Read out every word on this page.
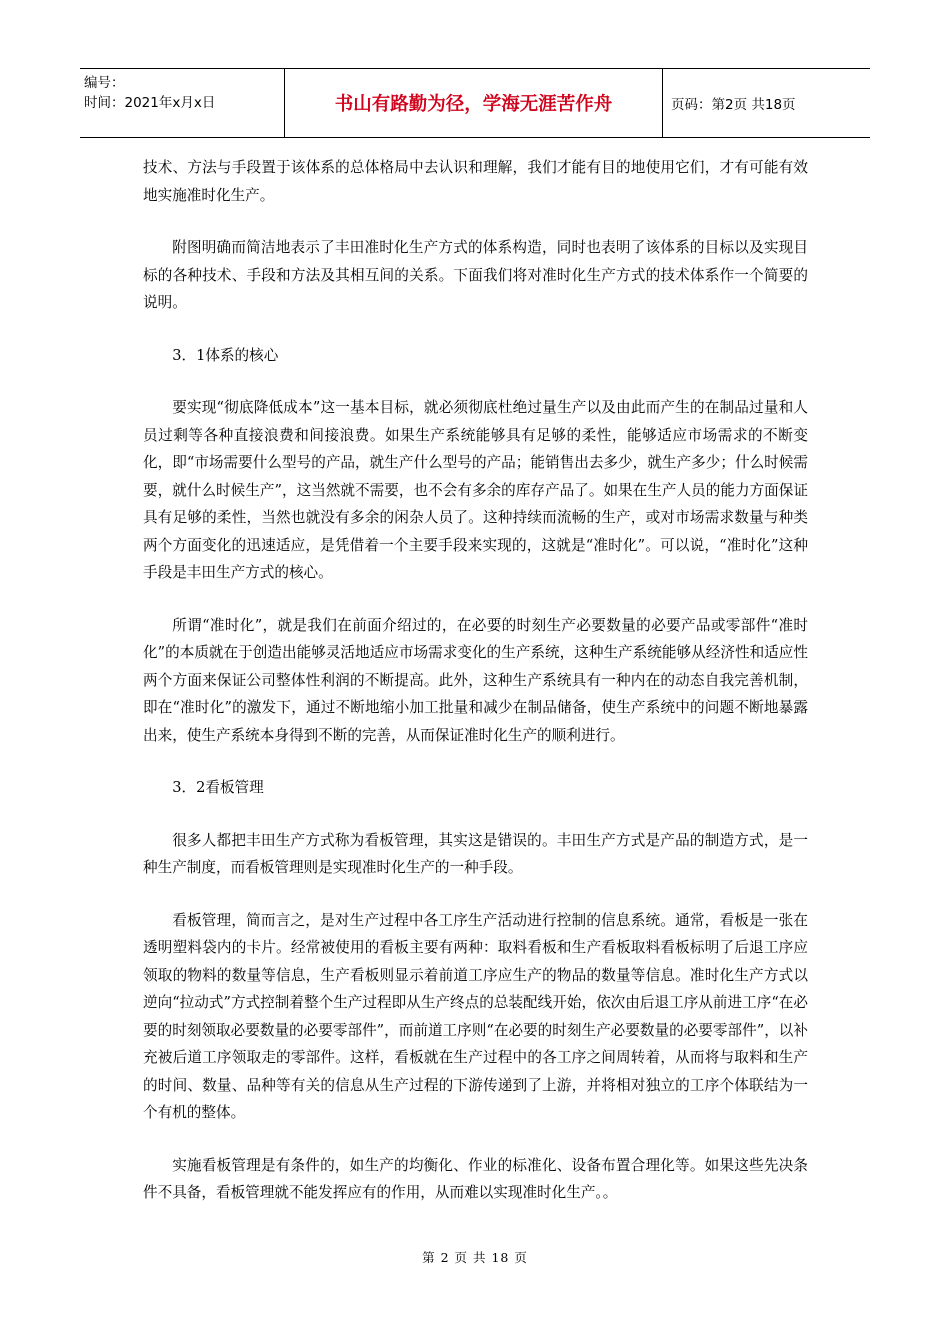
编号：
时间：2021年x月x日	书山有路勤为径，学海无涯苦作舟	页码：第2页 共18页

技术、方法与手段置于该体系的总体格局中去认识和理解，我们才能有目的地使用它们，才有可能有效地实施准时化生产。

附图明确而简洁地表示了丰田准时化生产方式的体系构造，同时也表明了该体系的目标以及实现目标的各种技术、手段和方法及其相互间的关系。下面我们将对准时化生产方式的技术体系作一个简要的说明。

3．1体系的核心

要实现“彻底降低成本”这一基本目标，就必须彻底杜绝过量生产以及由此而产生的在制品过量和人员过剩等各种直接浪费和间接浪费。如果生产系统能够具有足够的柔性，能够适应市场需求的不断变化，即“市场需要什么型号的产品，就生产什么型号的产品；能销售出去多少，就生产多少；什么时候需要，就什么时候生产”，这当然就不需要，也不会有多余的库存产品了。如果在生产人员的能力方面保证具有足够的柔性，当然也就没有多余的闲杂人员了。这种持续而流畅的生产，或对市场需求数量与种类两个方面变化的迅速适应，是凭借着一个主要手段来实现的，这就是“准时化”。可以说，“准时化”这种手段是丰田生产方式的核心。

所谓“准时化”，就是我们在前面介绍过的，在必要的时刻生产必要数量的必要产品或零部件“准时化”的本质就在于创造出能够灵活地适应市场需求变化的生产系统，这种生产系统能够从经济性和适应性两个方面来保证公司整体性利润的不断提高。此外，这种生产系统具有一种内在的动态自我完善机制，即在“准时化”的激发下，通过不断地缩小加工批量和减少在制品储备，使生产系统中的问题不断地暴露出来，使生产系统本身得到不断的完善，从而保证准时化生产的顺利进行。

3．2看板管理

很多人都把丰田生产方式称为看板管理，其实这是错误的。丰田生产方式是产品的制造方式，是一种生产制度，而看板管理则是实现准时化生产的一种手段。

看板管理，简而言之，是对生产过程中各工序生产活动进行控制的信息系统。通常，看板是一张在透明塑料袋内的卡片。经常被使用的看板主要有两种：取料看板和生产看板取料看板标明了后退工序应领取的物料的数量等信息，生产看板则显示着前道工序应生产的物品的数量等信息。准时化生产方式以逆向“拉动式”方式控制着整个生产过程即从生产终点的总装配线开始，依次由后退工序从前进工序“在必要的时刻领取必要数量的必要零部件”，而前道工序则“在必要的时刻生产必要数量的必要零部件”，以补充被后道工序领取走的零部件。这样，看板就在生产过程中的各工序之间周转着，从而将与取料和生产的时间、数量、品种等有关的信息从生产过程的下游传递到了上游，并将相对独立的工序个体联结为一个有机的整体。

实施看板管理是有条件的，如生产的均衡化、作业的标准化、设备布置合理化等。如果这些先决条件不具备，看板管理就不能发挥应有的作用，从而难以实现准时化生产。。

第 2 页 共 18 页
